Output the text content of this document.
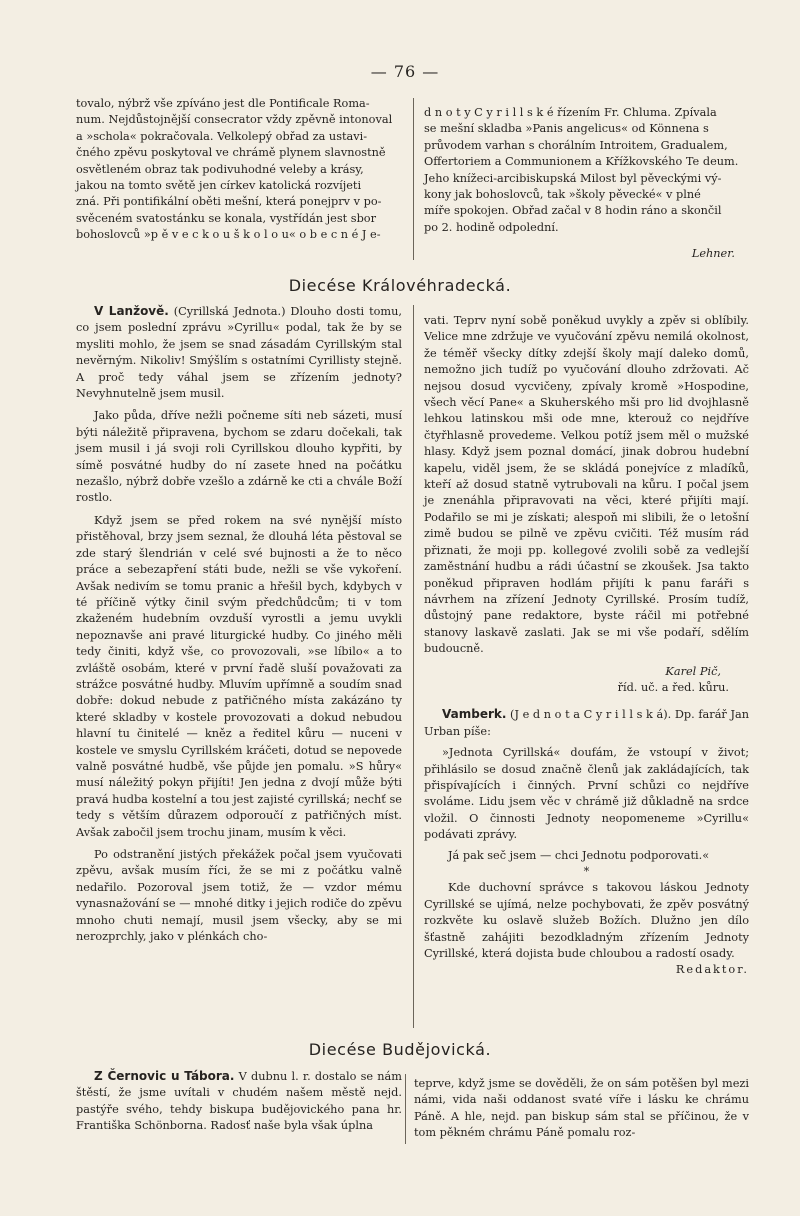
— 76 —
tovalo, nýbrž vše zpíváno jest dle Pontificale Roma-
num. Nejdůstojnější consecrator vždy zpěvně intonoval
a »schola« pokračovala. Velkolepý obřad za ustavi-
čného zpěvu poskytoval ve chrámě plynem slavnostně
osvětleném obraz tak podivuhodné veleby a krásy,
jakou na tomto světě jen církev katolická rozvíjeti
zná. Při pontifikální oběti mešní, která ponejprv v po-
svěceném svatostánku se konala, vystřídán jest sbor
bohoslovců »p ě v e c k o u š k o l o u« o b e c n é J e-
d n o t y C y r i l l s k é řízením Fr. Chluma. Zpívala
se mešní skladba »Panis angelicus« od Könnena s
průvodem varhan s chorálním Introitem, Gradualem,
Offertoriem a Communionem a Křížkovského Te deum.
Jeho knížeci-arcibiskupská Milost byl pěveckými vý-
kony jak bohoslovců, tak »školy pěvecké« v plné
míře spokojen. Obřad začal v 8 hodin ráno a skončil
po 2. hodině odpolední.

Lehner.

Diecése Královéhradecká.

V Lanžově. (Cyrillská Jednota.) Dlouho dosti tomu, co jsem poslední zprávu »Cyrillu« podal, tak že by se mysliti mohlo, že jsem se snad zásadám Cyrillským stal nevěrným. Nikoliv! Smýšlím s ostatními Cyrillisty stejně. A proč tedy váhal jsem se zřízením jednoty? Nevyhnutelně jsem musil.

Jako půda, dříve nežli počneme síti neb sázeti, musí býti náležitě připravena, bychom se zdaru dočekali, tak jsem musil i já svoji roli Cyrillskou dlouho kypřiti, by símě posvátné hudby do ní zasete hned na počátku nezašlo, nýbrž dobře vzešlo a zdárně ke cti a chvále Boží rostlo.

Když jsem se před rokem na své nynější místo přistěhoval, brzy jsem seznal, že dlouhá léta pěstoval se zde starý šlendrián v celé své bujnosti a že to něco práce a sebezapření státi bude, nežli se vše vykoření. Avšak nedivím se tomu pranic a hřešil bych, kdybych v té příčině výtky činil svým předchůdcům; ti v tom zkaženém hudebním ovzduší vyrostli a jemu uvykli nepoznavše ani pravé liturgické hudby. Co jiného měli tedy činiti, když vše, co provozovali, »se líbilo« a to zvláště osobám, které v první řadě sluší považovati za strážce posvátné hudby. Mluvím upřímně a soudím snad dobře: dokud nebude z patřičného místa zakázáno ty které skladby v kostele provozovati a dokud nebudou hlavní tu činitelé — kněz a ředitel kůru — nuceni v kostele ve smyslu Cyrillském kráčeti, dotud se nepovede valně posvátné hudbě, vše půjde jen pomalu. »S hůry« musí náležitý pokyn přijíti! Jen jedna z dvojí může býti pravá hudba kostelní a tou jest zajisté cyrillská; nechť se tedy s větším důrazem odporoučí z patřičných míst. Avšak zabočil jsem trochu jinam, musím k věci.

Po odstranění jistých překážek počal jsem vyučovati zpěvu, avšak musím říci, že se mi z počátku valně nedařilo. Pozoroval jsem totiž, že — vzdor mému vynasnažování se — mnohé ditky i jejich rodiče do zpěvu mnoho chuti nemají, musil jsem všecky, aby se mi nerozprchly, jako v plénkách cho-

vati. Teprv nyní sobě poněkud uvykly a zpěv si oblíbily. Velice mne zdržuje ve vyučování zpěvu nemilá okolnost, že téměř všecky dítky zdejší školy mají daleko domů, nemožno jich tudíž po vyučování dlouho zdržovati. Ač nejsou dosud vycvičeny, zpívaly kromě »Hospodine, všech věcí Pane« a Skuherského mši pro lid dvojhlasně lehkou latinskou mši ode mne, kterouž co nejdříve čtyřhlasně provedeme. Velkou potíž jsem měl o mužské hlasy. Když jsem poznal domácí, jinak dobrou hudební kapelu, viděl jsem, že se skládá ponejvíce z mladíků, kteří až dosud statně vytrubovali na kůru. I počal jsem je znenáhla připravovati na věci, které přijíti mají. Podařilo se mi je získati; alespoň mi slibili, že o letošní zimě budou se pilně ve zpěvu cvičiti. Též musím rád přiznati, že moji pp. kollegové zvolili sobě za vedlejší zaměstnání hudbu a rádi účastní se zkoušek. Jsa takto poněkud připraven hodlám přijíti k panu faráři s návrhem na zřízení Jednoty Cyrillské. Prosím tudíž, důstojný pane redaktore, byste ráčil mi potřebné stanovy laskavě zaslati. Jak se mi vše podaří, sdělím budoucně.

Karel Pič,

říd. uč. a řed. kůru.

Vamberk. (J e d n o t a C y r i l l s k á). Dp. farář Jan Urban píše:

»Jednota Cyrillská« doufám, že vstoupí v život; přihlásilo se dosud značně členů jak zakládajících, tak přispívajících i činných. První schůzi co nejdříve svoláme. Lidu jsem věc v chrámě již důkladně na srdce vložil. O činnosti Jednoty neopomeneme »Cyrillu« podávati zprávy.

Já pak seč jsem — chci Jednotu podporovati.«

*

Kde duchovní správce s takovou láskou Jednoty Cyrillské se ujímá, nelze pochybovati, že zpěv posvátný rozkvěte ku oslavě služeb Božích. Dlužno jen dílo šťastně zahájiti bezodkladným zřízením Jednoty Cyrillské, která dojista bude chloubou a radostí osady.

Redaktor.

Diecése Budějovická.

Z Černovic u Tábora. V dubnu l. r. dostalo se nám štěstí, že jsme uvítali v chudém našem městě nejd. pastýře svého, tehdy biskupa budějovického pana hr. Františka Schönborna. Radosť naše byla však úplna

teprve, když jsme se dověděli, že on sám potěšen byl mezi námi, vida naši oddanost svaté víře i lásku ke chrámu Páně. A hle, nejd. pan biskup sám stal se příčinou, že v tom pěkném chrámu Páně pomalu roz-
